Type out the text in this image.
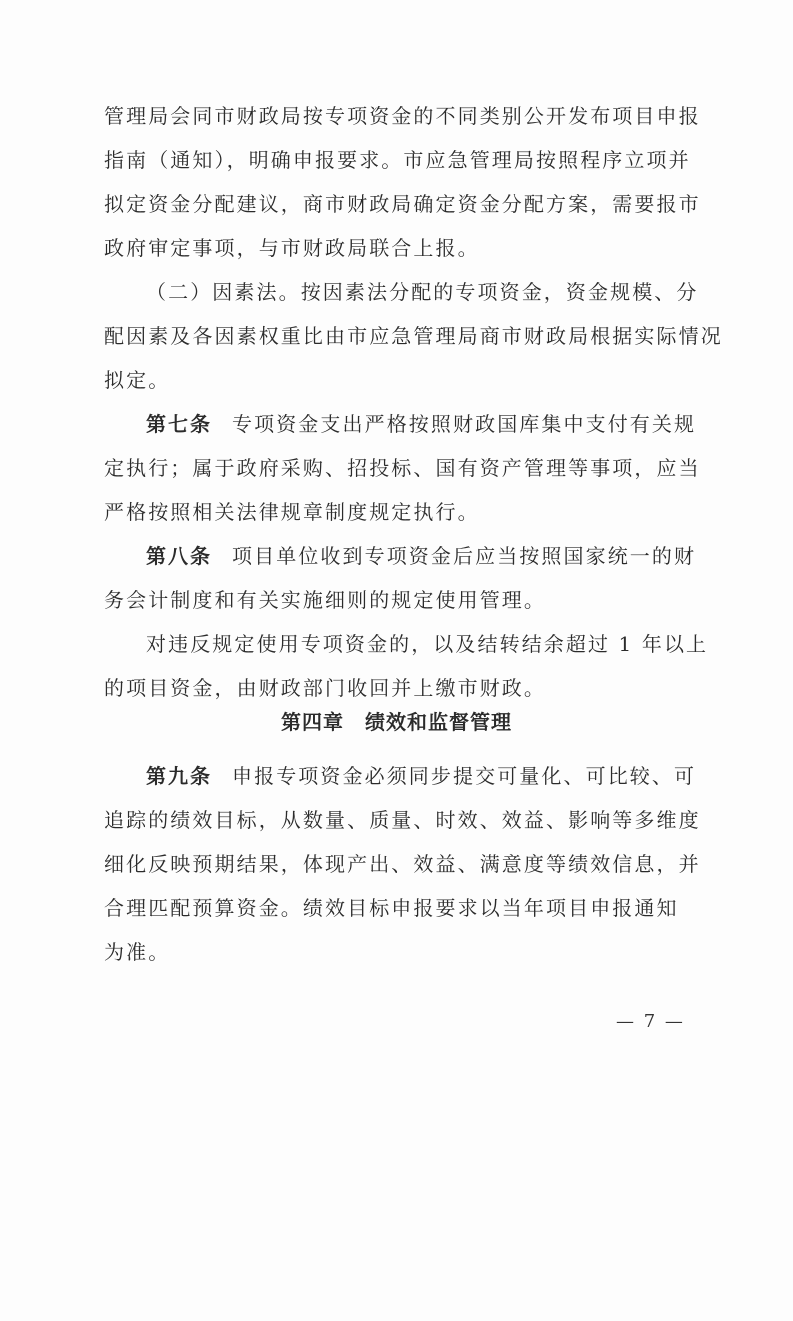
管理局会同市财政局按专项资金的不同类别公开发布项目申报
指南（通知），明确申报要求。市应急管理局按照程序立项并
拟定资金分配建议，商市财政局确定资金分配方案，需要报市
政府审定事项，与市财政局联合上报。
（二）因素法。按因素法分配的专项资金，资金规模、分
配因素及各因素权重比由市应急管理局商市财政局根据实际情况
拟定。
第七条 专项资金支出严格按照财政国库集中支付有关规
定执行；属于政府采购、招投标、国有资产管理等事项，应当
严格按照相关法律规章制度规定执行。
第八条 项目单位收到专项资金后应当按照国家统一的财
务会计制度和有关实施细则的规定使用管理。
对违反规定使用专项资金的，以及结转结余超过 1 年以上
的项目资金，由财政部门收回并上缴市财政。
第四章　绩效和监督管理
第九条 申报专项资金必须同步提交可量化、可比较、可
追踪的绩效目标，从数量、质量、时效、效益、影响等多维度
细化反映预期结果，体现产出、效益、满意度等绩效信息，并
合理匹配预算资金。绩效目标申报要求以当年项目申报通知
为准。
— 7 —
